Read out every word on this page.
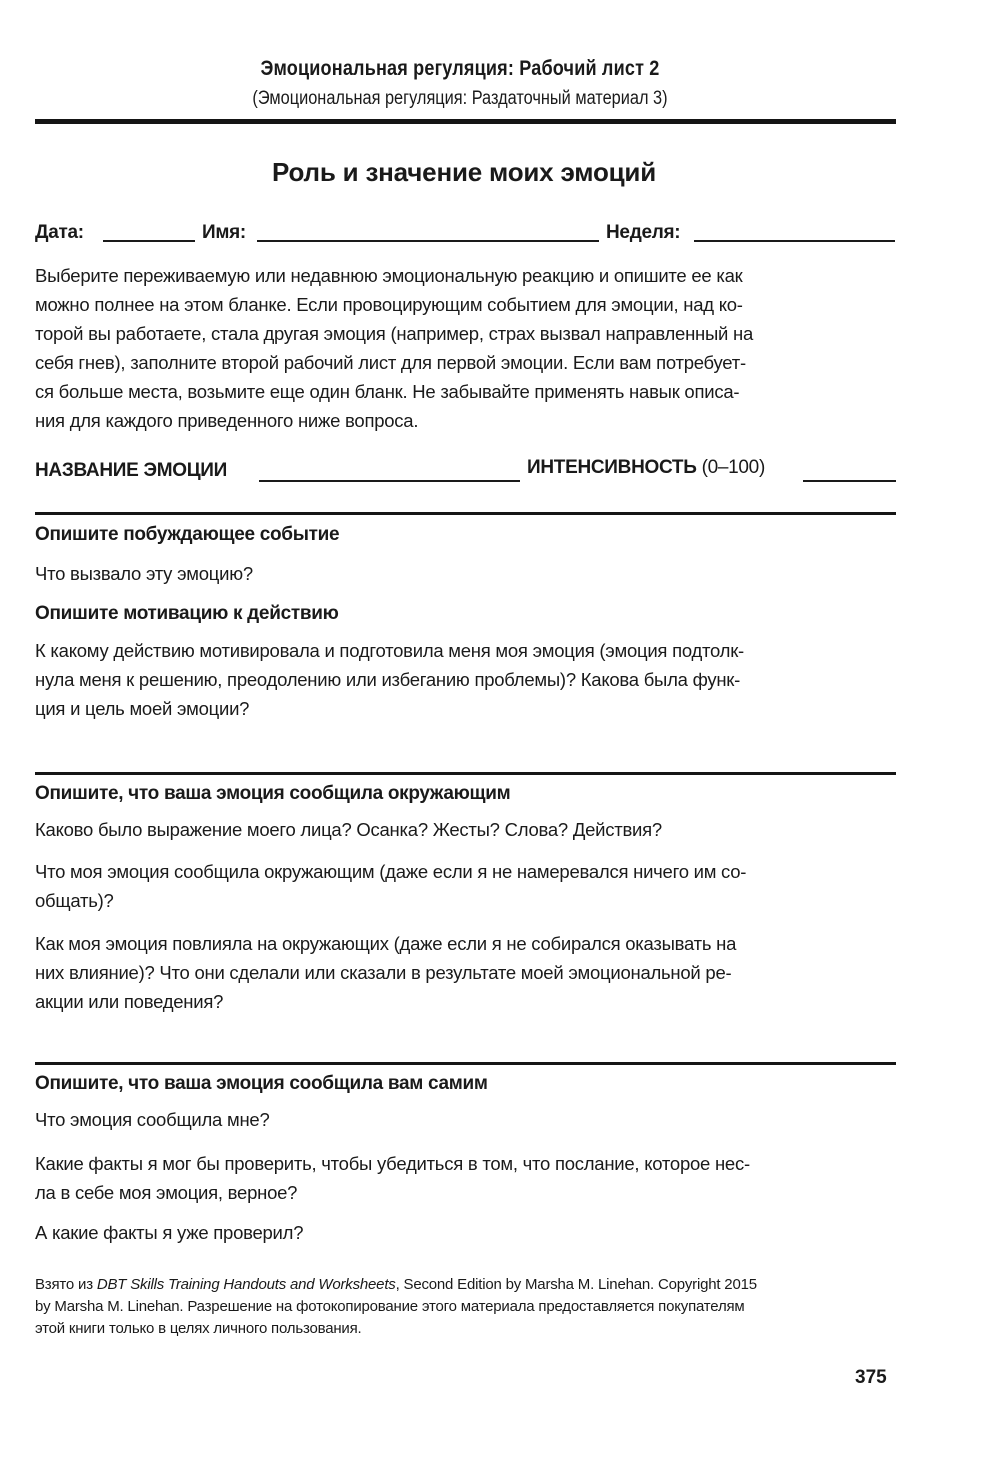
Эмоциональная регуляция: Рабочий лист 2
(Эмоциональная регуляция: Раздаточный материал 3)
Роль и значение моих эмоций
Дата:	Имя:	Неделя:
Выберите переживаемую или недавнюю эмоциональную реакцию и опишите ее как
можно полнее на этом бланке. Если провоцирующим событием для эмоции, над ко-
торой вы работаете, стала другая эмоция (например, страх вызвал направленный на
себя гнев), заполните второй рабочий лист для первой эмоции. Если вам потребует-
ся больше места, возьмите еще один бланк. Не забывайте применять навык описа-
ния для каждого приведенного ниже вопроса.
НАЗВАНИЕ ЭМОЦИИ	ИНТЕНСИВНОСТЬ (0–100)
Опишите побуждающее событие
Что вызвало эту эмоцию?
Опишите мотивацию к действию
К какому действию мотивировала и подготовила меня моя эмоция (эмоция подтолк-
нула меня к решению, преодолению или избеганию проблемы)? Какова была функ-
ция и цель моей эмоции?
Опишите, что ваша эмоция сообщила окружающим
Каково было выражение моего лица? Осанка? Жесты? Слова? Действия?
Что моя эмоция сообщила окружающим (даже если я не намеревался ничего им со-
общать)?
Как моя эмоция повлияла на окружающих (даже если я не собирался оказывать на
них влияние)? Что они сделали или сказали в результате моей эмоциональной ре-
акции или поведения?
Опишите, что ваша эмоция сообщила вам самим
Что эмоция сообщила мне?
Какие факты я мог бы проверить, чтобы убедиться в том, что послание, которое нес-
ла в себе моя эмоция, верное?
А какие факты я уже проверил?
Взято из DBT Skills Training Handouts and Worksheets, Second Edition by Marsha M. Linehan. Copyright 2015
by Marsha M. Linehan. Разрешение на фотокопирование этого материала предоставляется покупателям
этой книги только в целях личного пользования.
375
